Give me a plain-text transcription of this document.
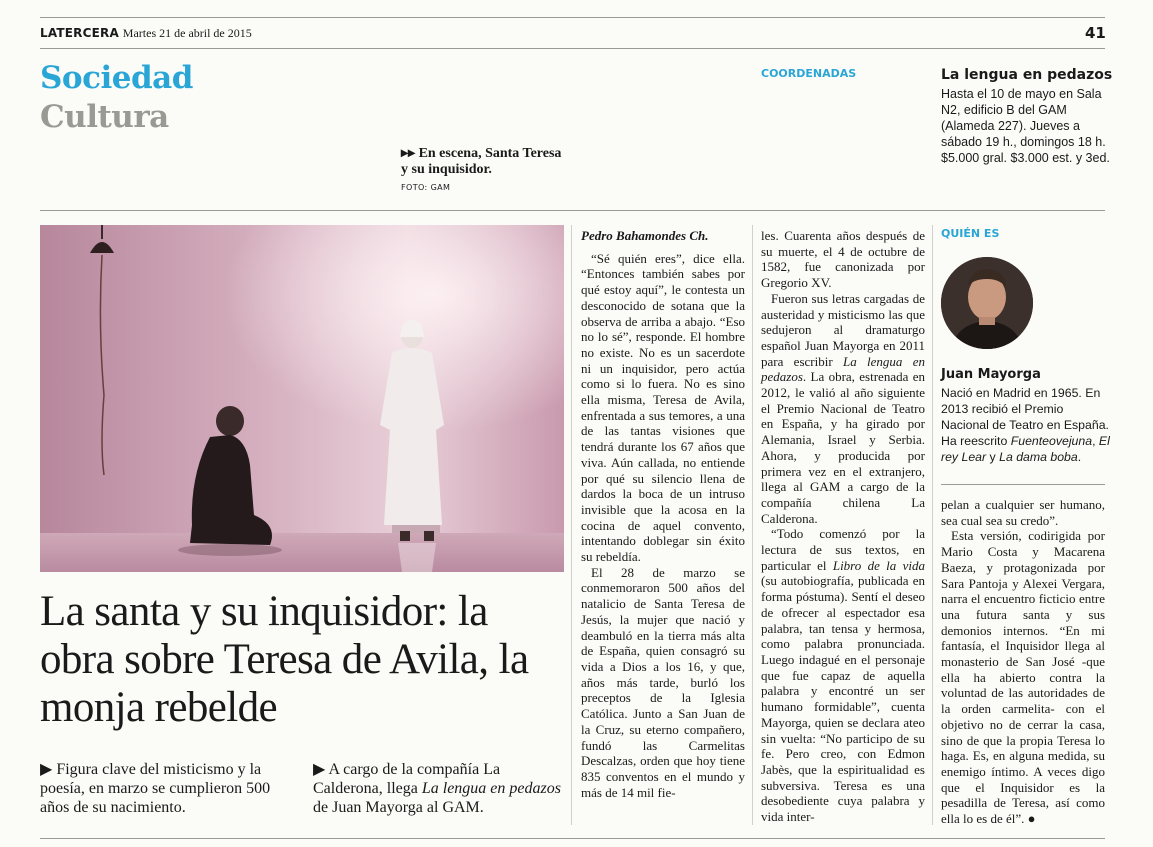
LATERCERA Martes 21 de abril de 2015	41
Sociedad
Cultura
▸▸ En escena, Santa Teresa y su inquisidor.
FOTO: GAM
COORDENADAS	La lengua en pedazos
Hasta el 10 de mayo en Sala N2, edificio B del GAM (Alameda 227). Jueves a sábado 19 h., domingos 18 h. $5.000 gral. $3.000 est. y 3ed.
La santa y su inquisidor: la obra sobre Teresa de Avila, la monja rebelde
▶ Figura clave del misticismo y la poesía, en marzo se cumplieron 500 años de su nacimiento.
▶ A cargo de la compañía La Calderona, llega La lengua en pedazos de Juan Mayorga al GAM.

Pedro Bahamondes Ch.

“Sé quién eres”, dice ella. “Entonces también sabes por qué estoy aquí”, le contesta un desconocido de sotana que la observa de arriba a abajo. “Eso no lo sé”, responde. El hombre no existe. No es un sacerdote ni un inquisidor, pero actúa como si lo fuera. No es sino ella misma, Teresa de Avila, enfrentada a sus temores, a una de las tantas visiones que tendrá durante los 67 años que viva. Aún callada, no entiende por qué su silencio llena de dardos la boca de un intruso invisible que la acosa en la cocina de aquel convento, intentando doblegar sin éxito su rebeldía.

El 28 de marzo se conmemoraron 500 años del natalicio de Santa Teresa de Jesús, la mujer que nació y deambuló en la tierra más alta de España, quien consagró su vida a Dios a los 16, y que, años más tarde, burló los preceptos de la Iglesia Católica. Junto a San Juan de la Cruz, su eterno compañero, fundó las Carmelitas Descalzas, orden que hoy tiene 835 conventos en el mundo y más de 14 mil fie-

les. Cuarenta años después de su muerte, el 4 de octubre de 1582, fue canonizada por Gregorio XV.

Fueron sus letras cargadas de austeridad y misticismo las que sedujeron al dramaturgo español Juan Mayorga en 2011 para escribir La lengua en pedazos. La obra, estrenada en 2012, le valió al año siguiente el Premio Nacional de Teatro en España, y ha girado por Alemania, Israel y Serbia. Ahora, y producida por primera vez en el extranjero, llega al GAM a cargo de la compañía chilena La Calderona.

“Todo comenzó por la lectura de sus textos, en particular el Libro de la vida (su autobiografía, publicada en forma póstuma). Sentí el deseo de ofrecer al espectador esa palabra, tan tensa y hermosa, como palabra pronunciada. Luego indagué en el personaje que fue capaz de aquella palabra y encontré un ser humano formidable”, cuenta Mayorga, quien se declara ateo sin vuelta: “No participo de su fe. Pero creo, con Edmon Jabès, que la espiritualidad es subversiva. Teresa es una desobediente cuya palabra y vida inter-

QUIÉN ES
Juan Mayorga
Nació en Madrid en 1965. En 2013 recibió el Premio Nacional de Teatro en España. Ha reescrito Fuenteovejuna, El rey Lear y La dama boba.

pelan a cualquier ser humano, sea cual sea su credo”.

Esta versión, codirigida por Mario Costa y Macarena Baeza, y protagonizada por Sara Pantoja y Alexei Vergara, narra el encuentro ficticio entre una futura santa y sus demonios internos. “En mi fantasía, el Inquisidor llega al monasterio de San José -que ella ha abierto contra la voluntad de las autoridades de la orden carmelita- con el objetivo no de cerrar la casa, sino de que la propia Teresa lo haga. Es, en alguna medida, su enemigo íntimo. A veces digo que el Inquisidor es la pesadilla de Teresa, así como ella lo es de él”. ●
